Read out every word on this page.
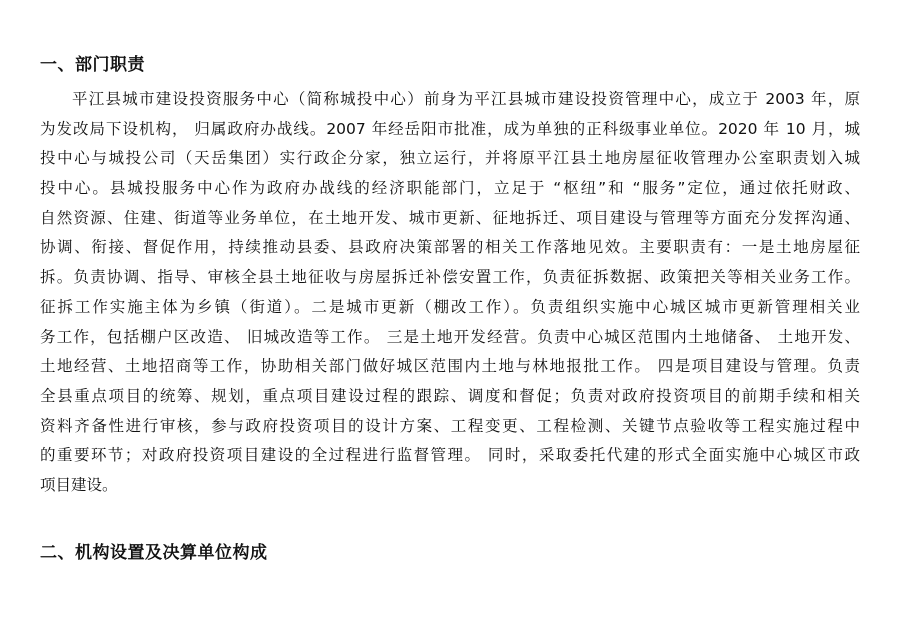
一、部门职责
平江县城市建设投资服务中心（简称城投中心）前身为平江县城市建设投资管理中心，成立于 2003 年，原
为发改局下设机构， 归属政府办战线。2007 年经岳阳市批准，成为单独的正科级事业单位。2020 年 10 月，城
投中心与城投公司（天岳集团）实行政企分家，独立运行，并将原平江县土地房屋征收管理办公室职责划入城
投中心。县城投服务中心作为政府办战线的经济职能部门，立足于 “枢纽”和 “服务”定位，通过依托财政、
自然资源、住建、街道等业务单位，在土地开发、城市更新、征地拆迁、项目建设与管理等方面充分发挥沟通、
协调、衔接、督促作用，持续推动县委、县政府决策部署的相关工作落地见效。主要职责有：一是土地房屋征
拆。负责协调、指导、审核全县土地征收与房屋拆迁补偿安置工作，负责征拆数据、政策把关等相关业务工作。
征拆工作实施主体为乡镇（街道）。二是城市更新（棚改工作）。负责组织实施中心城区城市更新管理相关业
务工作，包括棚户区改造、 旧城改造等工作。 三是土地开发经营。负责中心城区范围内土地储备、 土地开发、
土地经营、土地招商等工作，协助相关部门做好城区范围内土地与林地报批工作。 四是项目建设与管理。负责
全县重点项目的统筹、规划，重点项目建设过程的跟踪、调度和督促；负责对政府投资项目的前期手续和相关
资料齐备性进行审核，参与政府投资项目的设计方案、工程变更、工程检测、关键节点验收等工程实施过程中
的重要环节；对政府投资项目建设的全过程进行监督管理。 同时，采取委托代建的形式全面实施中心城区市政
项目建设。
二、机构设置及决算单位构成
